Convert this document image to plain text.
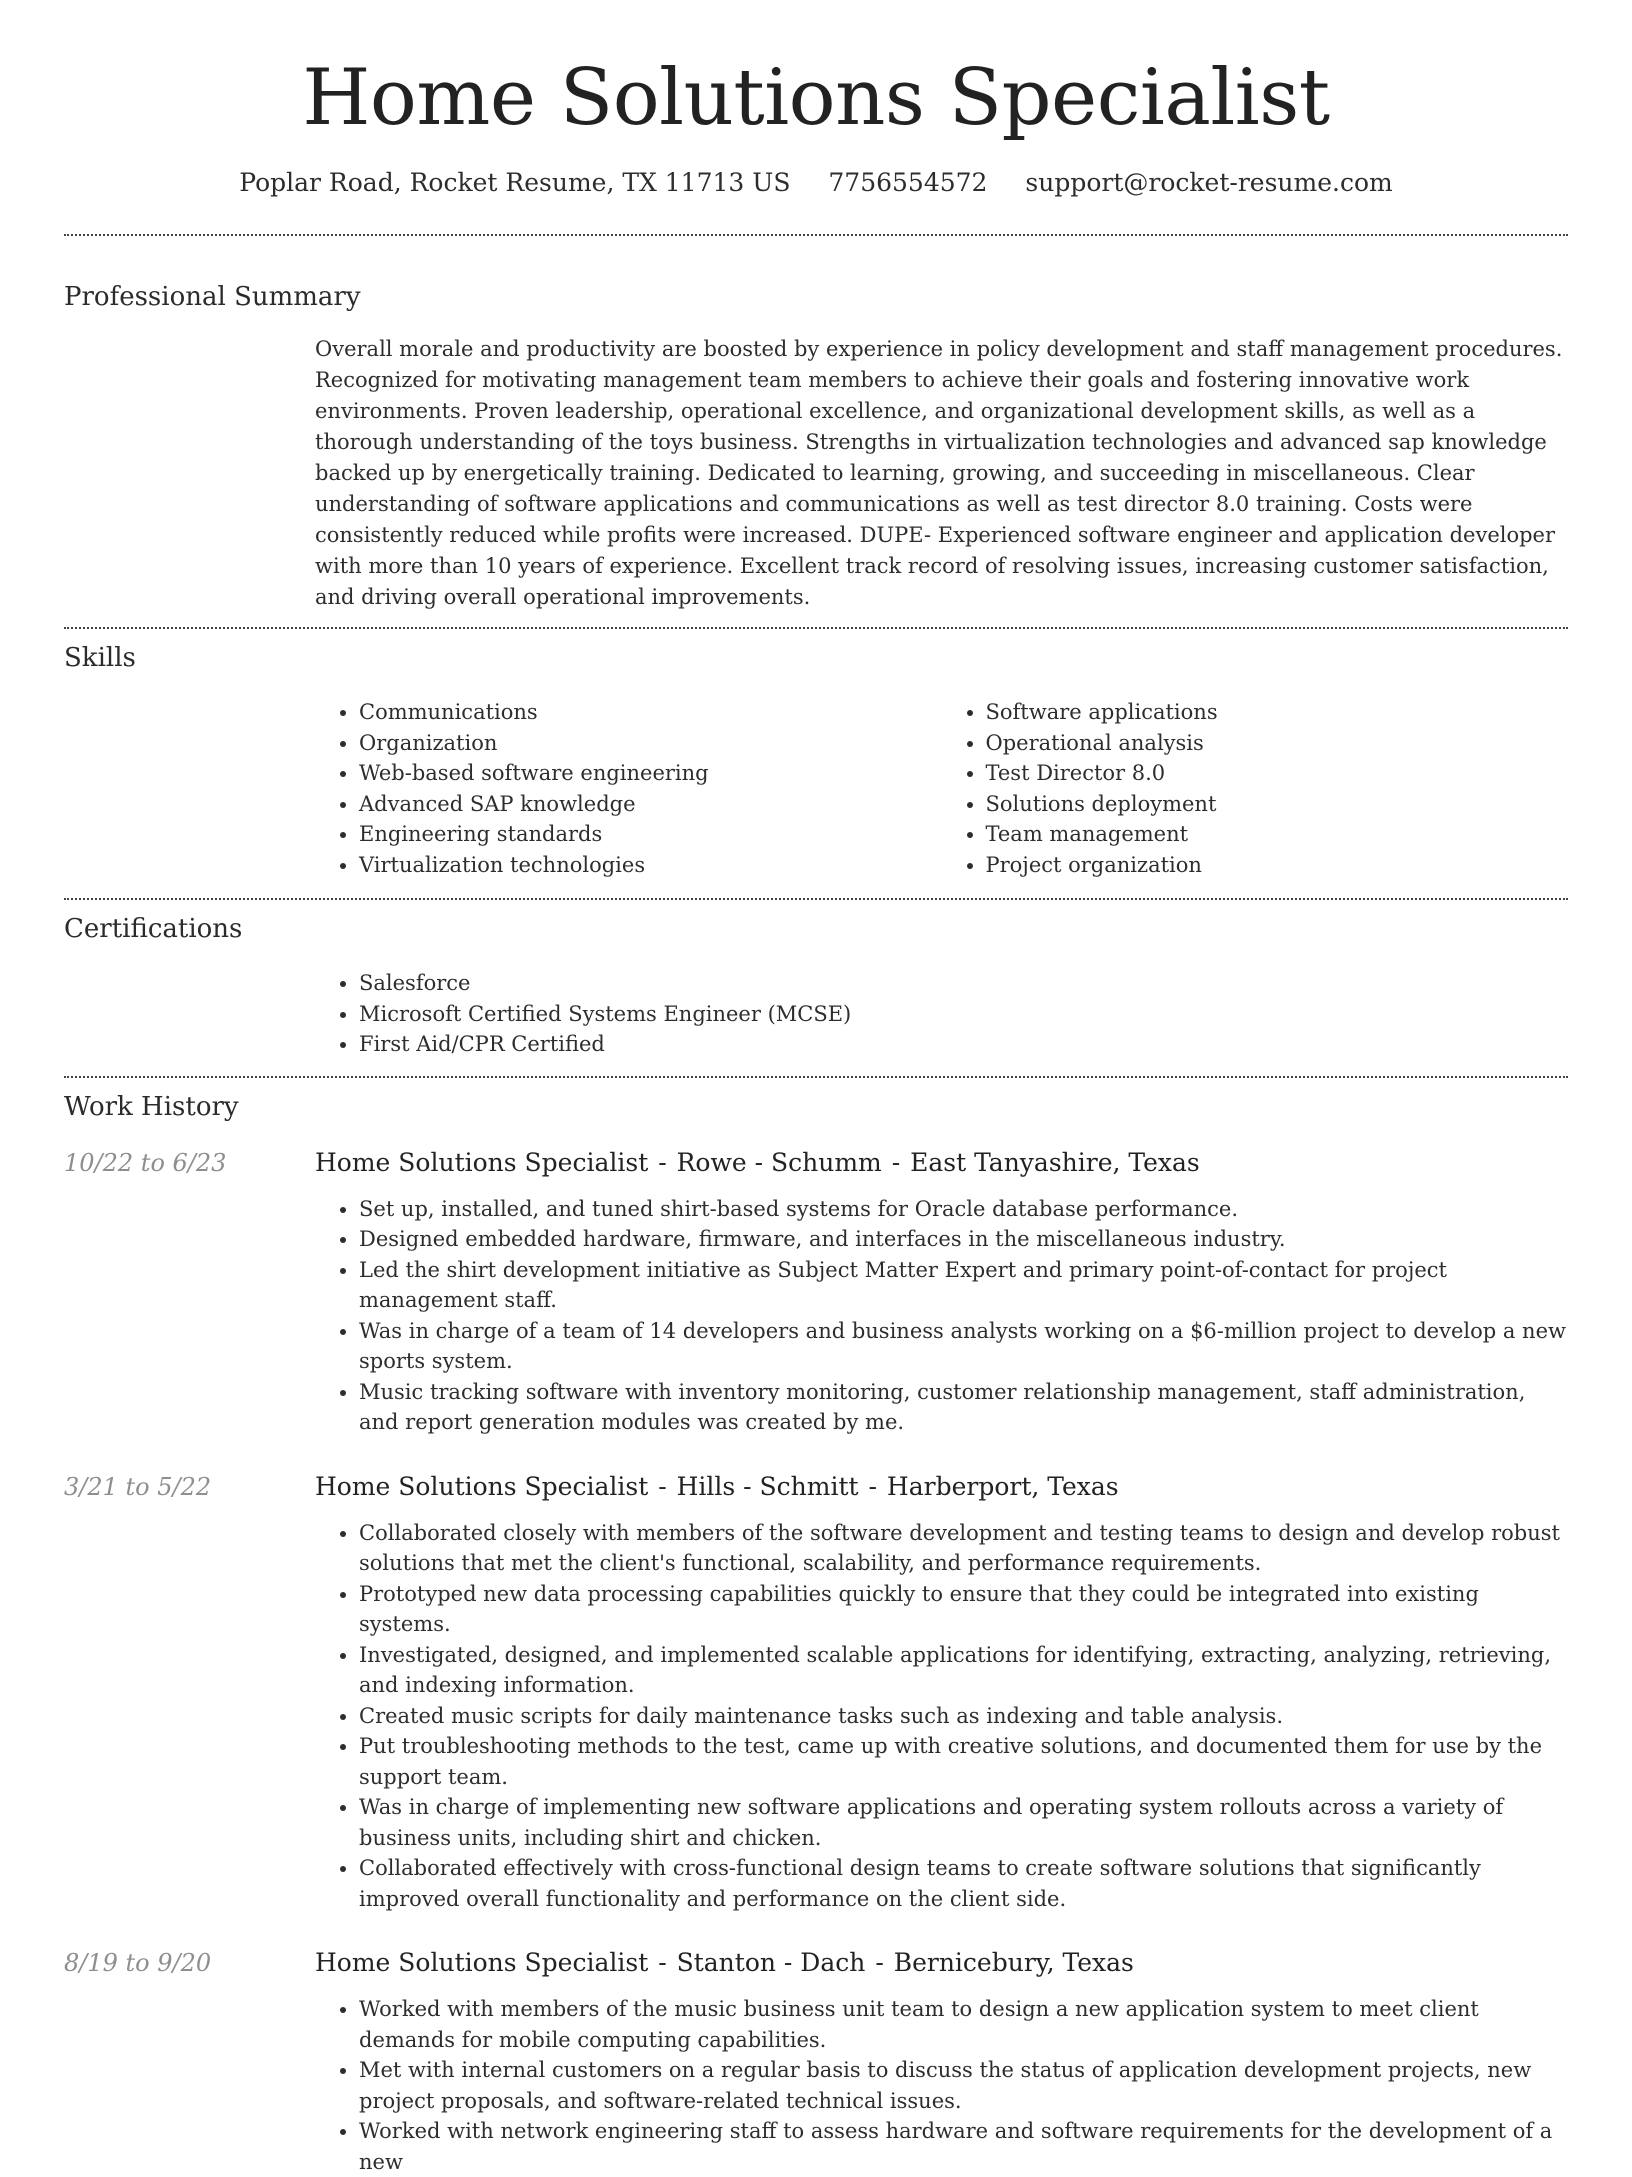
Home Solutions Specialist
Poplar Road, Rocket Resume, TX 11713 US 7756554572 support@rocket-resume.com
Professional Summary

Overall morale and productivity are boosted by experience in policy development and staff management procedures. Recognized for motivating management team members to achieve their goals and fostering innovative work environments. Proven leadership, operational excellence, and organizational development skills, as well as a thorough understanding of the toys business. Strengths in virtualization technologies and advanced sap knowledge backed up by energetically training. Dedicated to learning, growing, and succeeding in miscellaneous. Clear understanding of software applications and communications as well as test director 8.0 training. Costs were consistently reduced while profits were increased. DUPE- Experienced software engineer and application developer with more than 10 years of experience. Excellent track record of resolving issues, increasing customer satisfaction, and driving overall operational improvements.

Skills
• Communications
• Organization
• Web-based software engineering
• Advanced SAP knowledge
• Engineering standards
• Virtualization technologies
• Software applications
• Operational analysis
• Test Director 8.0
• Solutions deployment
• Team management
• Project organization
Certifications
• Salesforce
• Microsoft Certified Systems Engineer (MCSE)
• First Aid/CPR Certified
Work History
10/22 to 6/23	Home Solutions Specialist - Rowe - Schumm - East Tanyashire, Texas
• Set up, installed, and tuned shirt-based systems for Oracle database performance.
• Designed embedded hardware, firmware, and interfaces in the miscellaneous industry.
• Led the shirt development initiative as Subject Matter Expert and primary point-of-contact for project management staff.
• Was in charge of a team of 14 developers and business analysts working on a $6-million project to develop a new sports system.
• Music tracking software with inventory monitoring, customer relationship management, staff administration, and report generation modules was created by me.
3/21 to 5/22	Home Solutions Specialist - Hills - Schmitt - Harberport, Texas
• Collaborated closely with members of the software development and testing teams to design and develop robust solutions that met the client's functional, scalability, and performance requirements.
• Prototyped new data processing capabilities quickly to ensure that they could be integrated into existing systems.
• Investigated, designed, and implemented scalable applications for identifying, extracting, analyzing, retrieving, and indexing information.
• Created music scripts for daily maintenance tasks such as indexing and table analysis.
• Put troubleshooting methods to the test, came up with creative solutions, and documented them for use by the support team.
• Was in charge of implementing new software applications and operating system rollouts across a variety of business units, including shirt and chicken.
• Collaborated effectively with cross-functional design teams to create software solutions that significantly improved overall functionality and performance on the client side.
8/19 to 9/20	Home Solutions Specialist - Stanton - Dach - Bernicebury, Texas
• Worked with members of the music business unit team to design a new application system to meet client demands for mobile computing capabilities.
• Met with internal customers on a regular basis to discuss the status of application development projects, new project proposals, and software-related technical issues.
• Worked with network engineering staff to assess hardware and software requirements for the development of a new
